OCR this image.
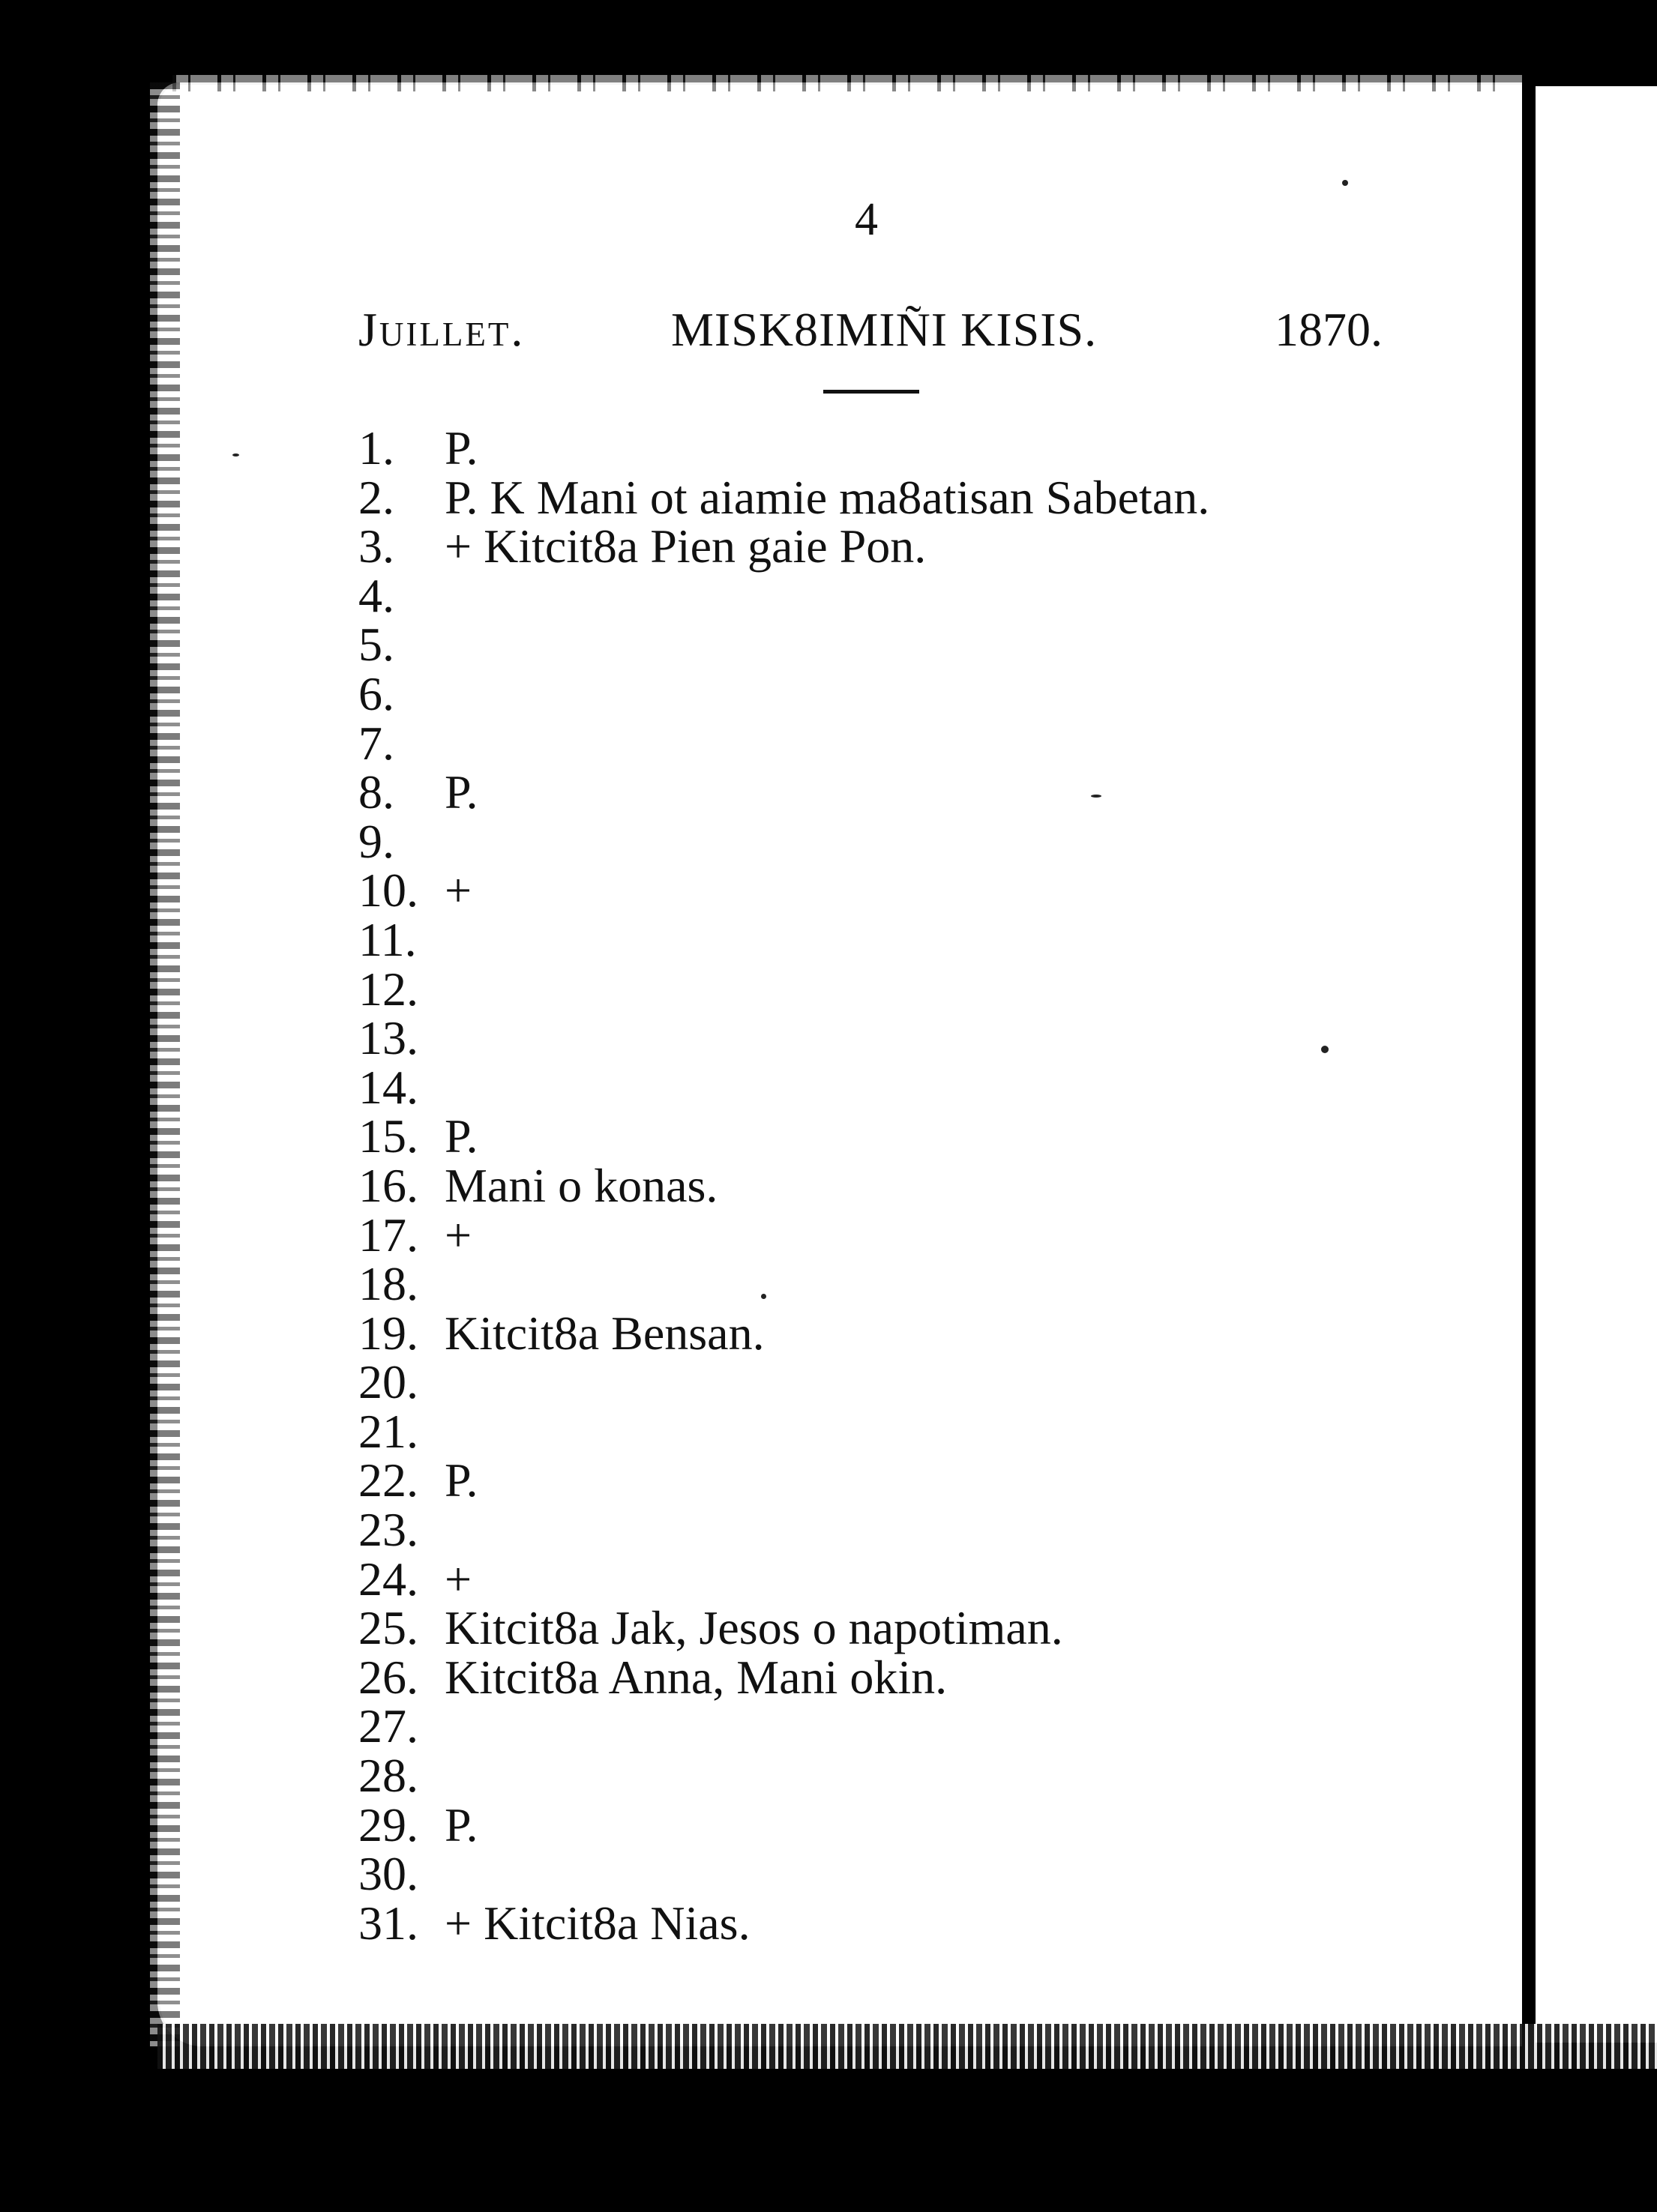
4
Juillet.	MISK8IMIÑI KISIS.	1870.
1.	P.
2.	P. K Mani ot aiamie ma8atisan Sabetan.
3.	+ Kitcit8a Pien gaie Pon.
4.
5.
6.
7.
8.	P.
9.
10. +
11.
12.
13.
14.
15. P.
16. Mani o konas.
17. +
18.
19. Kitcit8a Bensan.
20.
21.
22. P.
23.
24. +
25. Kitcit8a Jak, Jesos o napotiman.
26. Kitcit8a Anna, Mani okin.
27.
28.
29. P.
30.
31. + Kitcit8a Nias.
